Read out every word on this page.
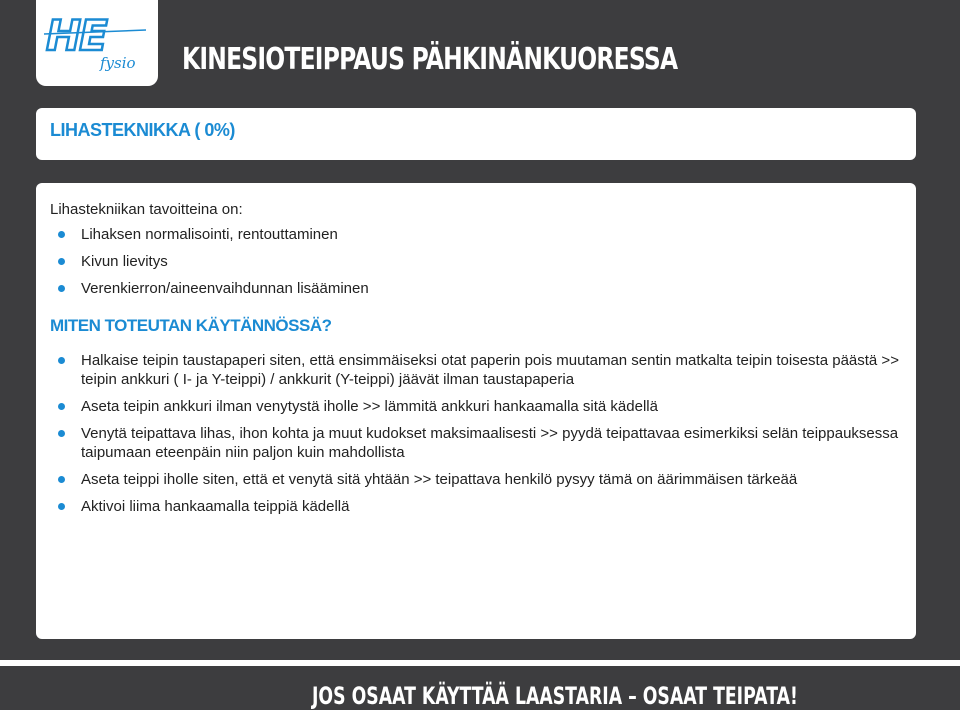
HE
fysio KINESIOTEIPPAUS PÄHKINÄNKUORESSA
LIHASTEKNIKKA ( 0%)
Lihastekniikan tavoitteina on:
Lihaksen normalisointi, rentouttaminen
Kivun lievitys
Verenkierron/aineenvaihdunnan lisääminen
MITEN TOTEUTAN KÄYTÄNNÖSSÄ?
Halkaise teipin taustapaperi siten, että ensimmäiseksi otat paperin pois muutaman sentin matkalta teipin toisesta päästä >> teipin ankkuri ( I- ja Y-teippi) / ankkurit (Y-teippi) jäävät ilman taustapaperia
Aseta teipin ankkuri ilman venytystä iholle >> lämmitä ankkuri hankaamalla sitä kädellä
Venytä teipattava lihas, ihon kohta ja muut kudokset maksimaalisesti >> pyydä teipattavaa esimerkiksi selän teippauksessa taipumaan eteenpäin niin paljon kuin mahdollista
Aseta teippi iholle siten, että et venytä sitä yhtään >> teipattava henkilö pysyy tämä on äärimmäisen tärkeää
Aktivoi liima hankaamalla teippiä kädellä
JOS OSAAT KÄYTTÄÄ LAASTARIA – OSAAT TEIPATA!
